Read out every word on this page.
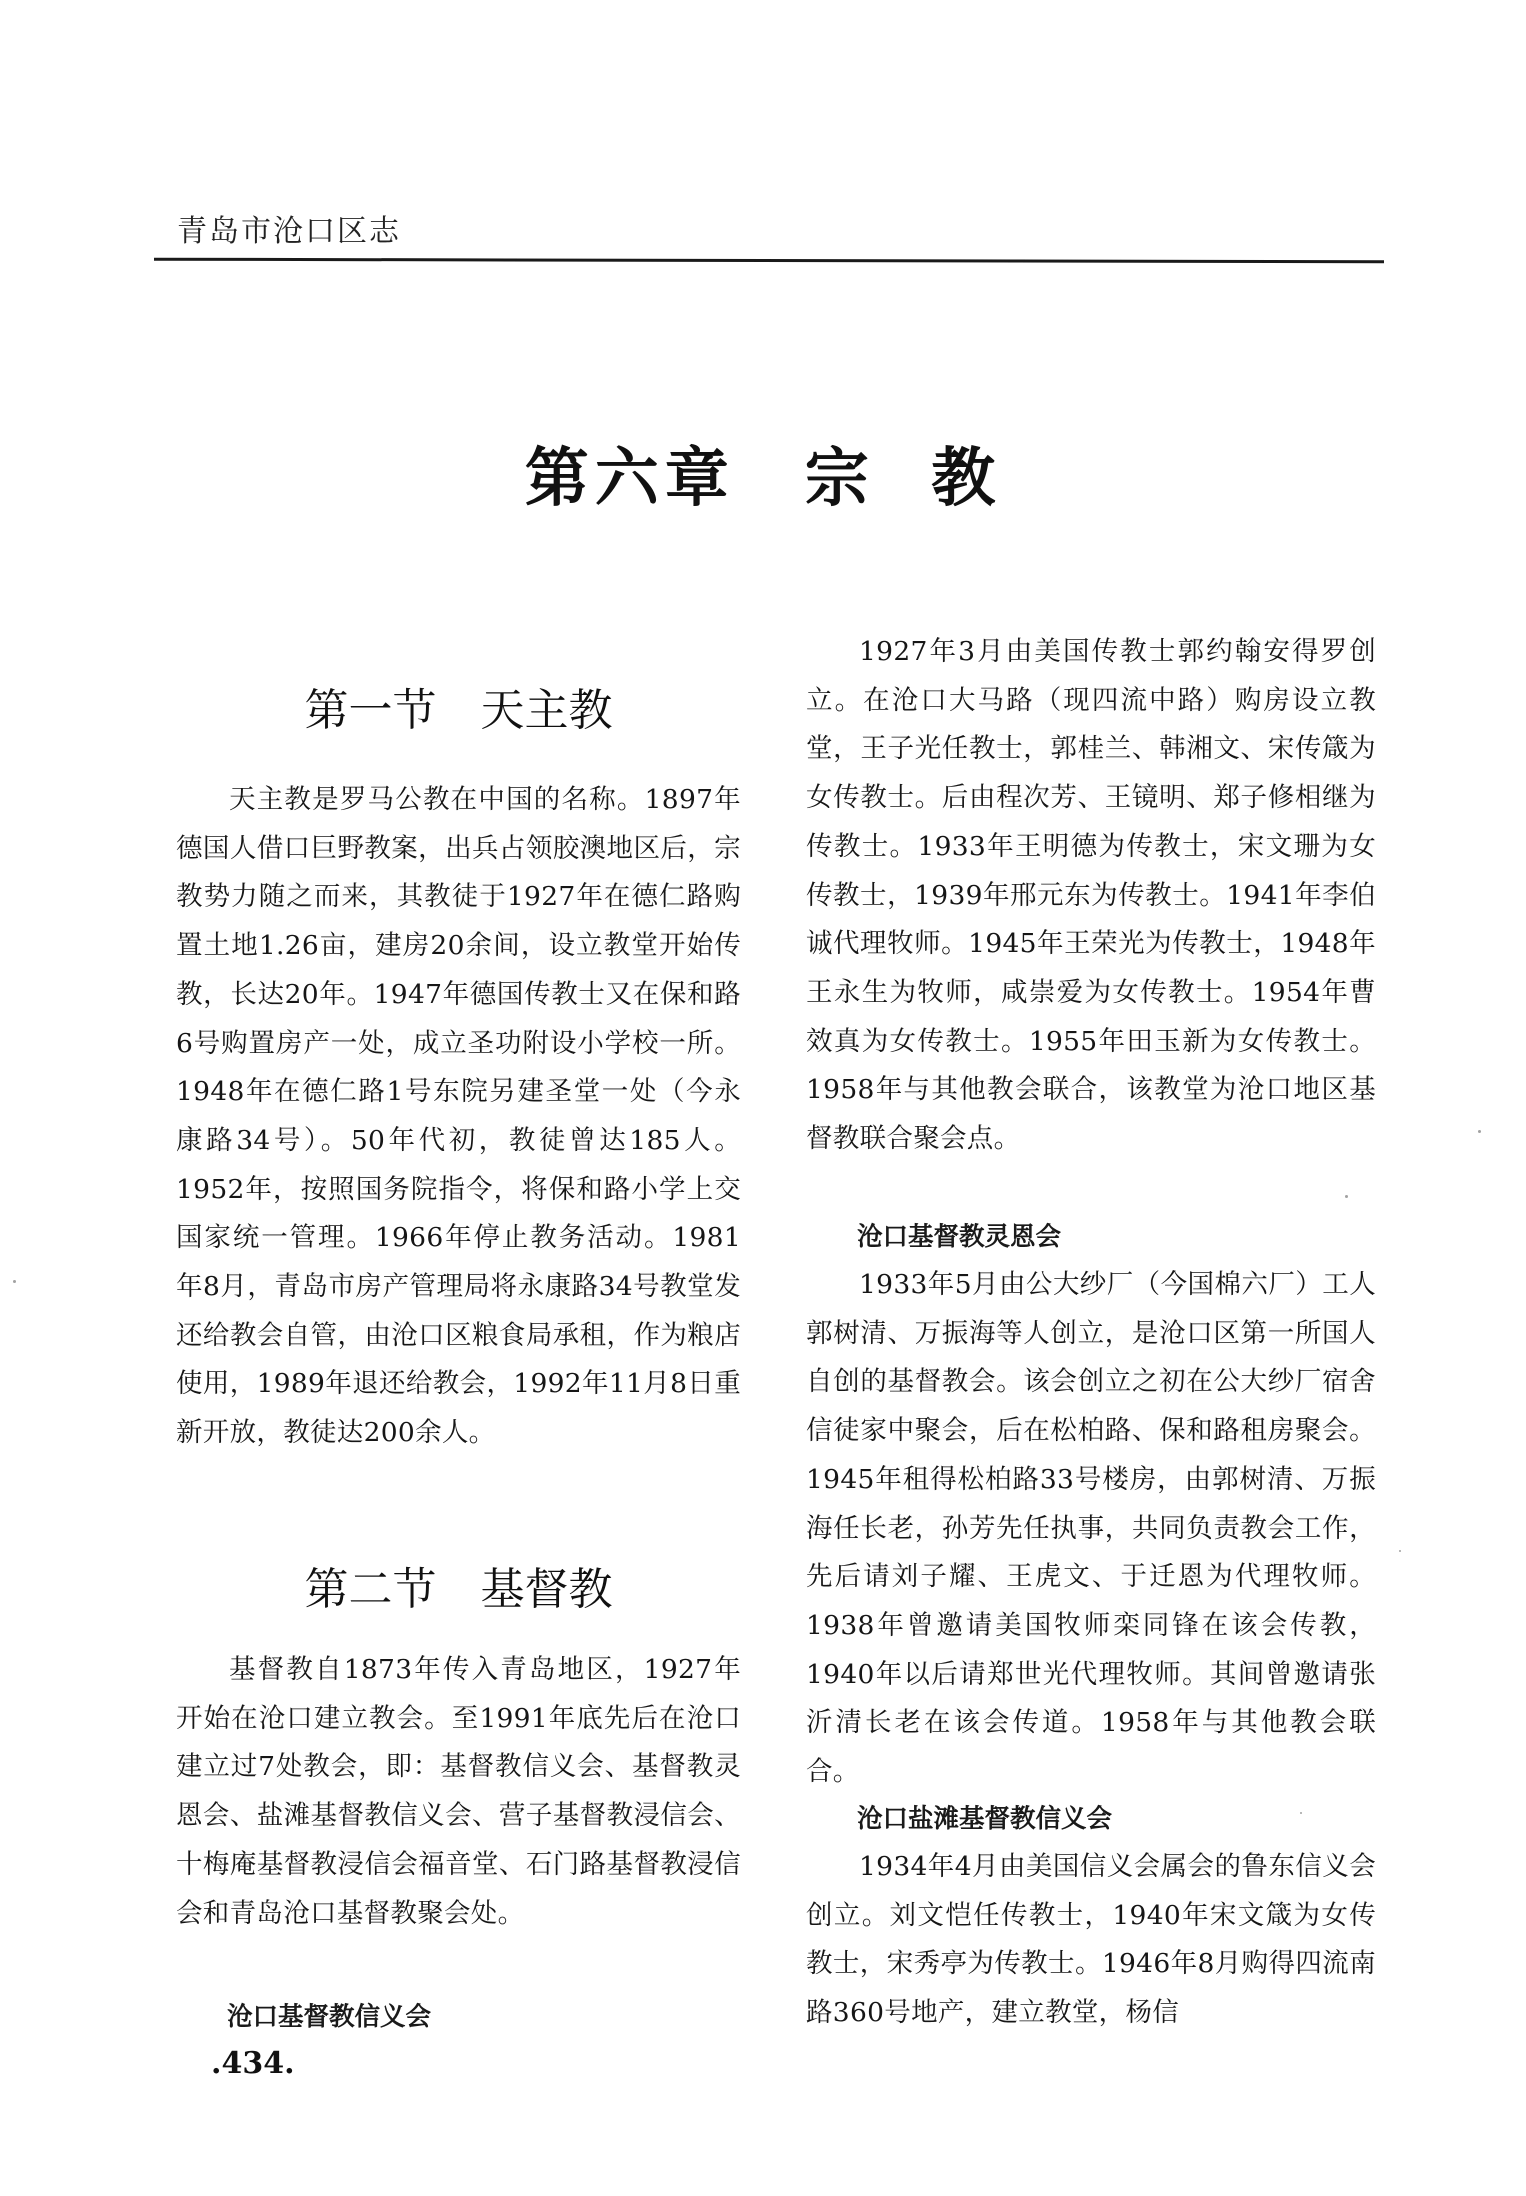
青岛市沧口区志
第六章　宗  教
第一节　天主教

天主教是罗马公教在中国的名称。1897年德国人借口巨野教案，出兵占领胶澳地区后，宗教势力随之而来，其教徒于1927年在德仁路购置土地1.26亩，建房20余间，设立教堂开始传教，长达20年。1947年德国传教士又在保和路6号购置房产一处，成立圣功附设小学校一所。1948年在德仁路1号东院另建圣堂一处（今永康路34号）。50年代初，教徒曾达185人。1952年，按照国务院指令，将保和路小学上交国家统一管理。1966年停止教务活动。1981年8月，青岛市房产管理局将永康路34号教堂发还给教会自管，由沧口区粮食局承租，作为粮店使用，1989年退还给教会，1992年11月8日重新开放，教徒达200余人。

第二节　基督教

基督教自1873年传入青岛地区，1927年开始在沧口建立教会。至1991年底先后在沧口建立过7处教会，即：基督教信义会、基督教灵恩会、盐滩基督教信义会、营子基督教浸信会、十梅庵基督教浸信会福音堂、石门路基督教浸信会和青岛沧口基督教聚会处。

沧口基督教信义会

1927年3月由美国传教士郭约翰安得罗创立。在沧口大马路（现四流中路）购房设立教堂，王子光任教士，郭桂兰、韩湘文、宋传箴为女传教士。后由程次芳、王镜明、郑子修相继为传教士。1933年王明德为传教士，宋文珊为女传教士，1939年邢元东为传教士。1941年李伯诚代理牧师。1945年王荣光为传教士，1948年王永生为牧师，咸崇爱为女传教士。1954年曹效真为女传教士。1955年田玉新为女传教士。1958年与其他教会联合，该教堂为沧口地区基督教联合聚会点。

沧口基督教灵恩会

1933年5月由公大纱厂（今国棉六厂）工人郭树清、万振海等人创立，是沧口区第一所国人自创的基督教会。该会创立之初在公大纱厂宿舍信徒家中聚会，后在松柏路、保和路租房聚会。1945年租得松柏路33号楼房，由郭树清、万振海任长老，孙芳先任执事，共同负责教会工作，先后请刘子耀、王虎文、于迁恩为代理牧师。1938年曾邀请美国牧师栾同锋在该会传教，1940年以后请郑世光代理牧师。其间曾邀请张沂清长老在该会传道。1958年与其他教会联合。

沧口盐滩基督教信义会

1934年4月由美国信义会属会的鲁东信义会创立。刘文恺任传教士，1940年宋文箴为女传教士，宋秀亭为传教士。1946年8月购得四流南路360号地产，建立教堂，杨信

.434.
